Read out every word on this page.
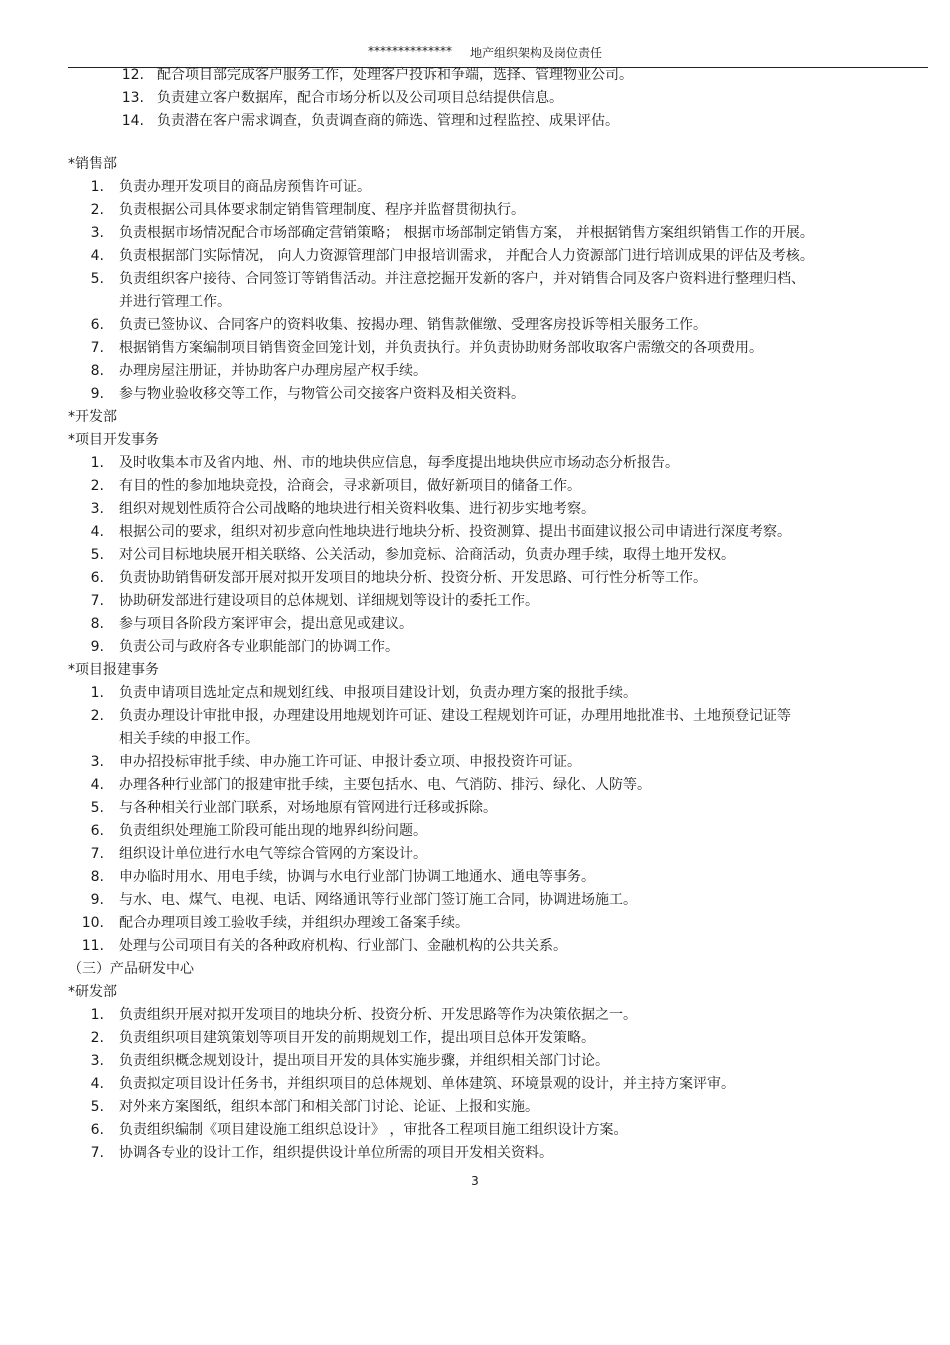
************** 地产组织架构及岗位责任
12. 配合项目部完成客户服务工作，处理客户投诉和争端，选择、管理物业公司。
13. 负责建立客户数据库，配合市场分析以及公司项目总结提供信息。
14. 负责潜在客户需求调查，负责调查商的筛选、管理和过程监控、成果评估。
*销售部
1. 负责办理开发项目的商品房预售许可证。
2. 负责根据公司具体要求制定销售管理制度、程序并监督贯彻执行。
3. 负责根据市场情况配合市场部确定营销策略； 根据市场部制定销售方案， 并根据销售方案组织销售工作的开展。
4. 负责根据部门实际情况， 向人力资源管理部门申报培训需求， 并配合人力资源部门进行培训成果的评估及考核。
5. 负责组织客户接待、合同签订等销售活动。并注意挖掘开发新的客户，并对销售合同及客户资料进行整理归档、
并进行管理工作。
6. 负责已签协议、合同客户的资料收集、按揭办理、销售款催缴、受理客房投诉等相关服务工作。
7. 根据销售方案编制项目销售资金回笼计划，并负责执行。并负责协助财务部收取客户需缴交的各项费用。
8. 办理房屋注册证，并协助客户办理房屋产权手续。
9. 参与物业验收移交等工作，与物管公司交接客户资料及相关资料。
*开发部
*项目开发事务
1. 及时收集本市及省内地、州、市的地块供应信息，每季度提出地块供应市场动态分析报告。
2. 有目的性的参加地块竞投，洽商会，寻求新项目，做好新项目的储备工作。
3. 组织对规划性质符合公司战略的地块进行相关资料收集、进行初步实地考察。
4. 根据公司的要求，组织对初步意向性地块进行地块分析、投资测算、提出书面建议报公司申请进行深度考察。
5. 对公司目标地块展开相关联络、公关活动，参加竞标、洽商活动，负责办理手续，取得土地开发权。
6. 负责协助销售研发部开展对拟开发项目的地块分析、投资分析、开发思路、可行性分析等工作。
7. 协助研发部进行建设项目的总体规划、详细规划等设计的委托工作。
8. 参与项目各阶段方案评审会，提出意见或建议。
9. 负责公司与政府各专业职能部门的协调工作。
*项目报建事务
1. 负责申请项目选址定点和规划红线、申报项目建设计划，负责办理方案的报批手续。
2. 负责办理设计审批申报，办理建设用地规划许可证、建设工程规划许可证，办理用地批准书、土地预登记证等
相关手续的申报工作。
3. 申办招投标审批手续、申办施工许可证、申报计委立项、申报投资许可证。
4. 办理各种行业部门的报建审批手续，主要包括水、电、气消防、排污、绿化、人防等。
5. 与各种相关行业部门联系，对场地原有管网进行迁移或拆除。
6. 负责组织处理施工阶段可能出现的地界纠纷问题。
7. 组织设计单位进行水电气等综合管网的方案设计。
8. 申办临时用水、用电手续，协调与水电行业部门协调工地通水、通电等事务。
9. 与水、电、煤气、电视、电话、网络通讯等行业部门签订施工合同，协调进场施工。
10. 配合办理项目竣工验收手续，并组织办理竣工备案手续。
11. 处理与公司项目有关的各种政府机构、行业部门、金融机构的公共关系。
（三）产品研发中心
*研发部
1. 负责组织开展对拟开发项目的地块分析、投资分析、开发思路等作为决策依据之一。
2. 负责组织项目建筑策划等项目开发的前期规划工作，提出项目总体开发策略。
3. 负责组织概念规划设计，提出项目开发的具体实施步骤，并组织相关部门讨论。
4. 负责拟定项目设计任务书，并组织项目的总体规划、单体建筑、环境景观的设计，并主持方案评审。
5. 对外来方案图纸，组织本部门和相关部门讨论、论证、上报和实施。
6. 负责组织编制《项目建设施工组织总设计》 ，审批各工程项目施工组织设计方案。
7. 协调各专业的设计工作，组织提供设计单位所需的项目开发相关资料。
3
